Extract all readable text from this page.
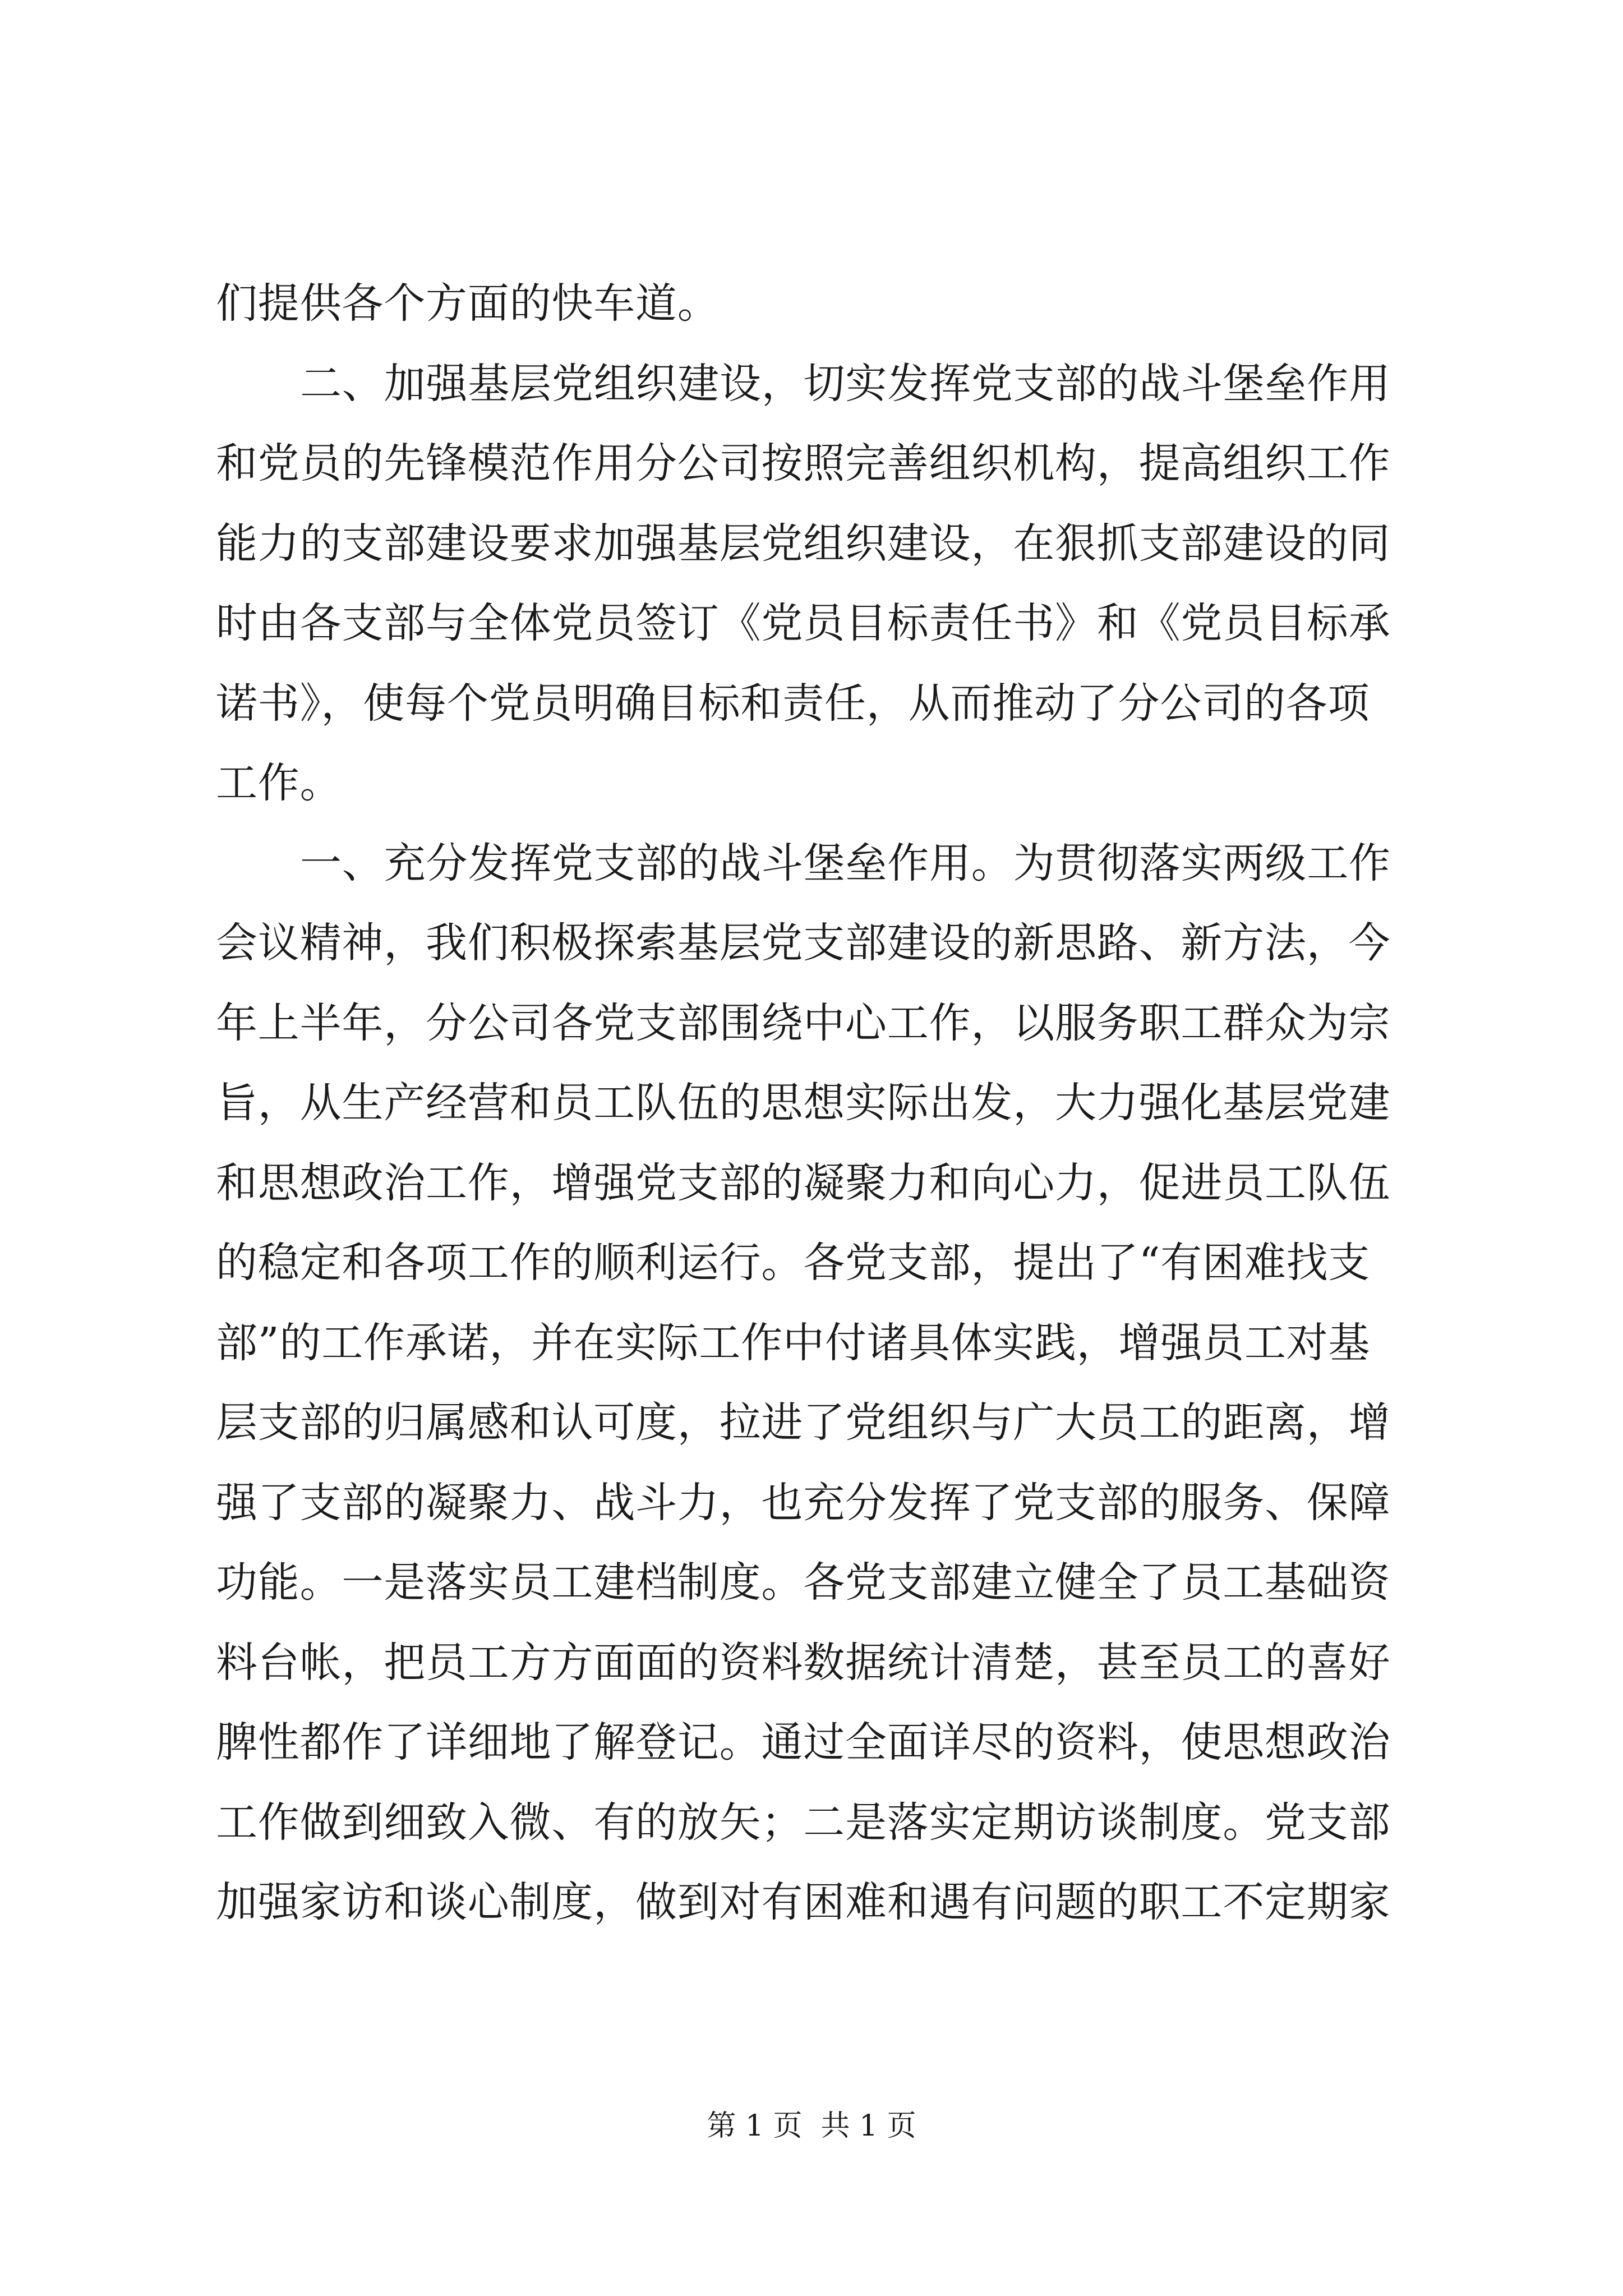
们提供各个方面的快车道。
二、加强基层党组织建设，切实发挥党支部的战斗堡垒作用
和党员的先锋模范作用分公司按照完善组织机构，提高组织工作
能力的支部建设要求加强基层党组织建设，在狠抓支部建设的同
时由各支部与全体党员签订《党员目标责任书》和《党员目标承
诺书》，使每个党员明确目标和责任，从而推动了分公司的各项
工作。
一、充分发挥党支部的战斗堡垒作用。为贯彻落实两级工作
会议精神，我们积极探索基层党支部建设的新思路、新方法，今
年上半年，分公司各党支部围绕中心工作，以服务职工群众为宗
旨，从生产经营和员工队伍的思想实际出发，大力强化基层党建
和思想政治工作，增强党支部的凝聚力和向心力，促进员工队伍
的稳定和各项工作的顺利运行。各党支部，提出了“有困难找支
部”的工作承诺，并在实际工作中付诸具体实践，增强员工对基
层支部的归属感和认可度，拉进了党组织与广大员工的距离，增
强了支部的凝聚力、战斗力，也充分发挥了党支部的服务、保障
功能。一是落实员工建档制度。各党支部建立健全了员工基础资
料台帐，把员工方方面面的资料数据统计清楚，甚至员工的喜好
脾性都作了详细地了解登记。通过全面详尽的资料，使思想政治
工作做到细致入微、有的放矢；二是落实定期访谈制度。党支部
加强家访和谈心制度，做到对有困难和遇有问题的职工不定期家
第 1 页  共 1 页
